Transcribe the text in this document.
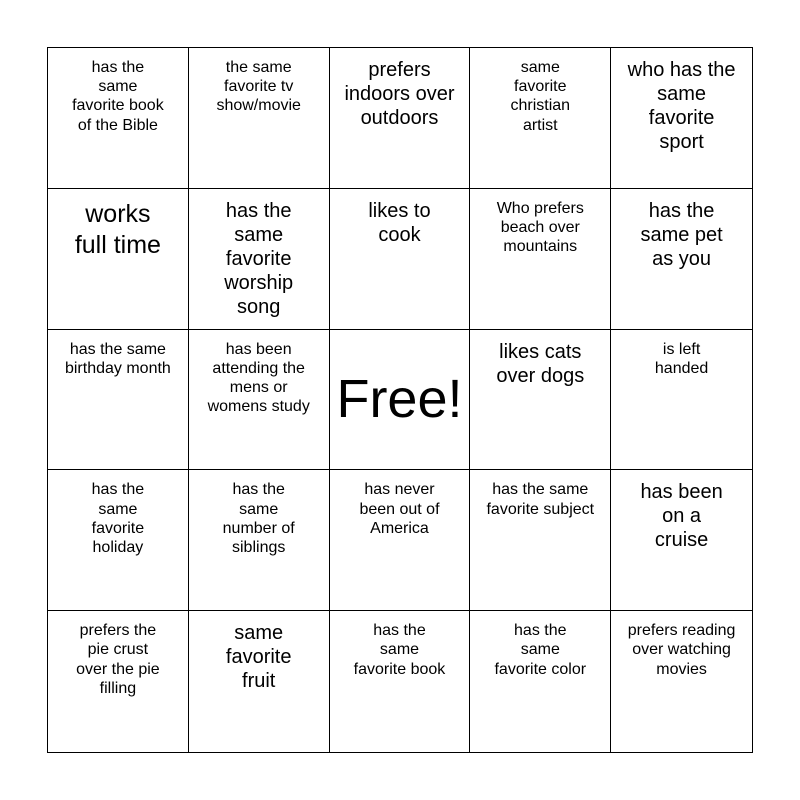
has the same favorite book of the Bible
the same favorite tv show/movie
prefers indoors over outdoors
same favorite christian artist
who has the same favorite sport
works full time
has the same favorite worship song
likes to cook
Who prefers beach over mountains
has the same pet as you
has the same birthday month
has been attending the mens or womens study Free!
likes cats over dogs
is left handed
has the same favorite holiday
has the same number of siblings
has never been out of America
has the same favorite subject
has been on a cruise
prefers the pie crust over the pie filling
same favorite fruit
has the same favorite book
has the same favorite color
prefers reading over watching movies
